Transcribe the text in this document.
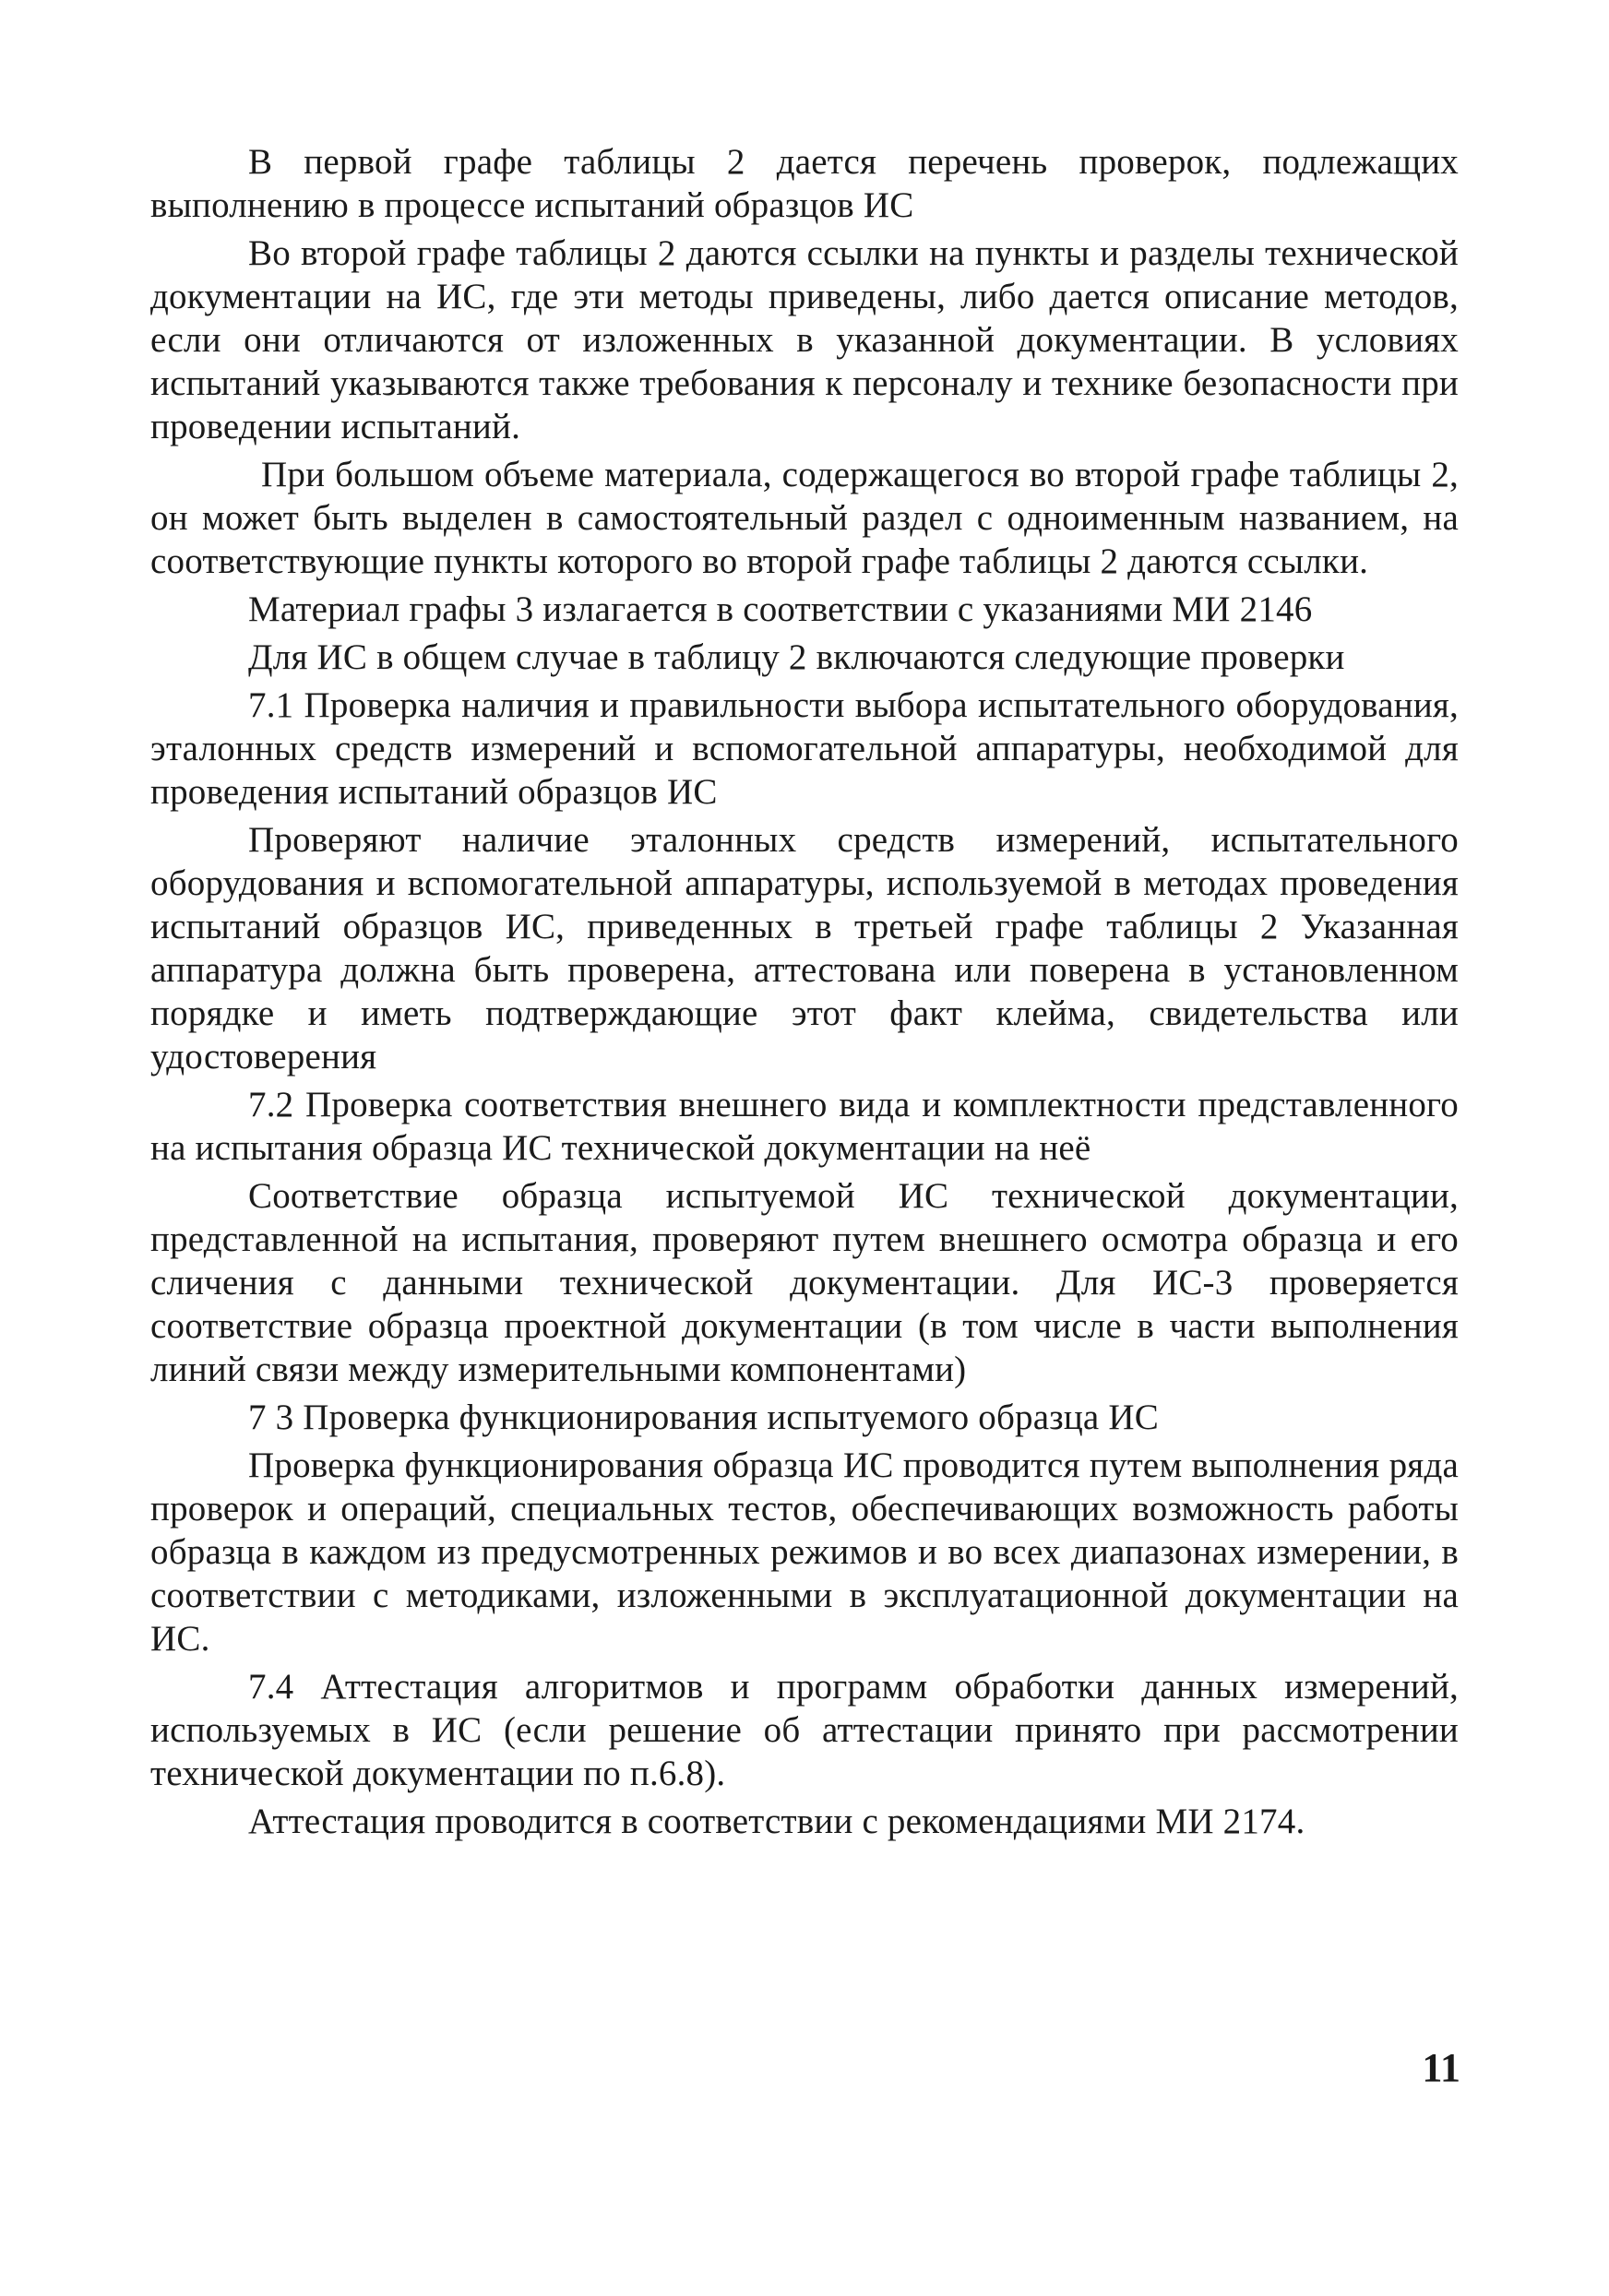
В первой графе таблицы 2 дается перечень проверок, подлежащих выполнению в процессе испытаний образцов ИС

Во второй графе таблицы 2 даются ссылки на пункты и разделы технической документации на ИС, где эти методы приведены, либо дается описание методов, если они отличаются от изложенных в указанной документации. В условиях испытаний указываются также требования к персоналу и технике безопасности при проведении испытаний.

При большом объеме материала, содержащегося во второй графе таблицы 2, он может быть выделен в самостоятельный раздел с одноименным названием, на соответствующие пункты которого во второй графе таблицы 2 даются ссылки.

Материал графы 3 излагается в соответствии с указаниями МИ 2146

Для ИС в общем случае в таблицу 2 включаются следующие проверки

7.1 Проверка наличия и правильности выбора испытательного оборудования, эталонных средств измерений и вспомогательной аппаратуры, необходимой для проведения испытаний образцов ИС

Проверяют наличие эталонных средств измерений, испытательного оборудования и вспомогательной аппаратуры, используемой в методах проведения испытаний образцов ИС, приведенных в третьей графе таблицы 2 Указанная аппаратура должна быть проверена, аттестована или поверена в установленном порядке и иметь подтверждающие этот факт клейма, свидетельства или удостоверения

7.2 Проверка соответствия внешнего вида и комплектности представленного на испытания образца ИС технической документации на неё

Соответствие образца испытуемой ИС технической документации, представленной на испытания, проверяют путем внешнего осмотра образца и его сличения с данными технической документации. Для ИС-3 проверяется соответствие образца проектной документации (в том числе в части выполнения линий связи между измерительными компонентами)

7 3 Проверка функционирования испытуемого образца ИС

Проверка функционирования образца ИС проводится путем выполнения ряда проверок и операций, специальных тестов, обеспечивающих возможность работы образца в каждом из предусмотренных режимов и во всех диапазонах измерении, в соответствии с методиками, изложенными в эксплуатационной документации на ИС.

7.4 Аттестация алгоритмов и программ обработки данных измерений, используемых в ИС (если решение об аттестации принято при рассмотрении технической документации по п.6.8).

Аттестация проводится в соответствии с рекомендациями МИ 2174.

11
